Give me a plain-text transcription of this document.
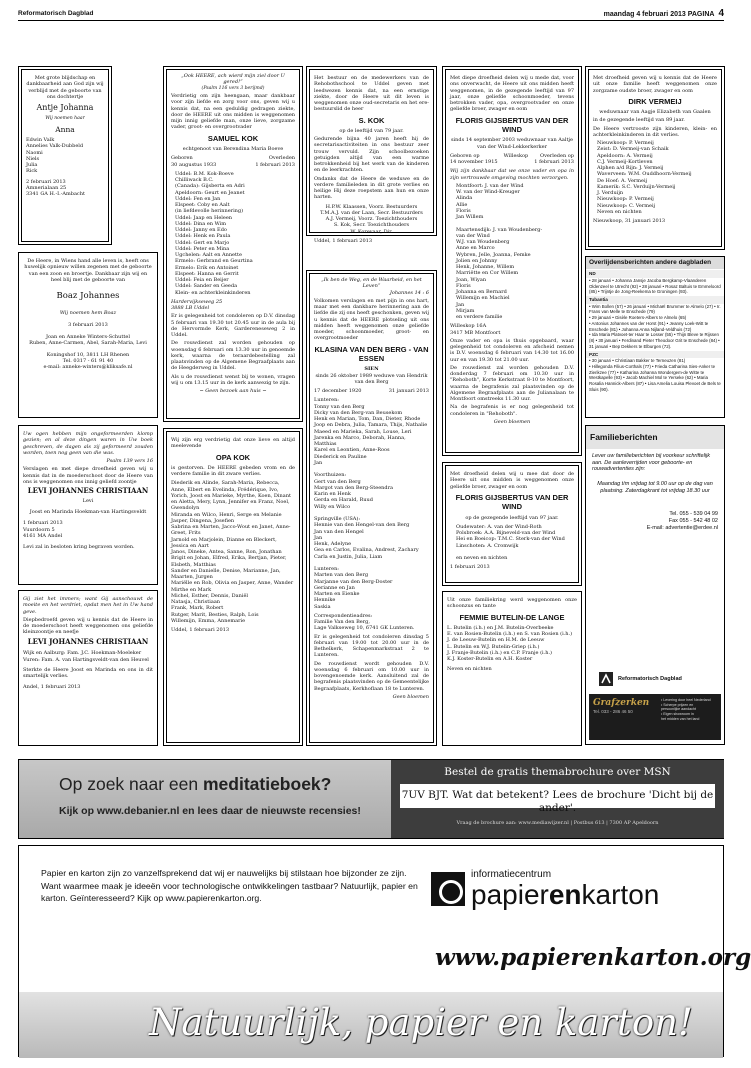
Reformatorisch Dagblad	maandag 4 februari 2013 PAGINA 4
Met grote blijdschap en dankbaarheid aan God zijn wij verblijd met de geboorte van ons dochtertje
Antje Johanna
Wij noemen haar
Anna
Edwin Valk
Annelies Valk-Dubbeld
Naomi
Niels
Julia
Rick
2 februari 2013
Amnerialaan 25
3341 GA H.-I.-Ambacht
De Heere, in Wiens hand alle leven is, heeft ons huwelijk opnieuw willen zegenen met de geboorte van een zoon en broertje. Dankbaar zijn wij en heel blij met de geboorte van
Boaz Johannes
Wij noemen hem Boaz
3 februari 2013
Joan en Anneke Winters-Schuttel
Ruben, Anne-Carmen, Abel, Sarah-Maria, Levi
Koningshof 10, 3811 LH Rhenen
Tel. 0317 - 61 91 40
e-mail: anneke-winters@kliksafe.nl
Uw ogen hebben mijn ongeformeerden klomp gezien; en al deze dingen waren in Uw boek geschreven, de dagen als zij geformeerd zouden worden, toen nog geen van die was.
Psalm 139 vers 16
Verslagen en met diepe droefheid geven wij u kennis dat in de moederschoot door de Heere van ons is weggenomen ons innig geliefd zoontje
LEVI JOHANNES CHRISTIAAN
Levi
Joost en Marinda Hoekman-van Hartingsveldt
1 februari 2013
Vuurdoorn 5
4161 MA Andel
Levi zal in besloten kring begraven worden.
Gij ziet het immers; want Gij aanschouwt de moeite en het verdriet, opdat men het in Uw hand geve.
Diepbedroefd geven wij u kennis dat de Heere in de moederschoot heeft weggenomen ons geliefde kleinzoontje en neefje
LEVI JOHANNES CHRISTIAAN
Wijk en Aalburg: Fam. J.C. Hoekman-Moeleker
Vuren: Fam. A. van Hartingsveldt-van den Heuvel
Sterkte de Heere Joost en Marinda en ons in dit smartelijk verlies.
Andel, 1 februari 2013
„Ook HEERE, ach wierd mijn ziel door U gered!”
(Psalm 116 vers 3 berijmd)
Verdrietig om zijn heengaan, maar dankbaar voor zijn liefde en zorg voor ons, geven wij u kennis dat, na een geduldig gedragen ziekte, door de HEERE uit ons midden is weggenomen mijn innig geliefde man, onze lieve, zorgzame vader, groot- en overgrootvader
SAMUEL KOK
echtgenoot van Berendina Maria Boeve
Geboren
30 augustus 1933
Overleden
1 februari 2013
Uddel: B.M. Kok-Boeve
Chilliwack B.C.
(Canada): Gijsberta en Adri
Apeldoorn: Geurt en Jeanet
Uddel: Fen en Jan
Elspeet: Coby en Aalt
(in liefdevolle herinnering)
Uddel: Jaap en Heleen
Uddel: Dina en Wim
Uddel: Janny en Edo
Uddel: Henk en Paula
Uddel: Gert en Marjo
Uddel: Peter en Mina
Ugchelen: Aalt en Annette
Ermelo: Gerbrand en Geurtina
Ermelo: Erik en Antoinet
Elspeet: Hanna en Gerrit
Uddel: Feia en Beijer
Uddel: Sander en Geeda
Klein- en achterkleinkinderen
Hardervijkseweg 25
3888 LB Uddel
Er is gelegenheid tot condoleren op D.V. dinsdag 5 februari van 19.30 tot 20.45 uur in de aula bij de Hervormde Kerk, Gardereneseweg 2 in Uddel.
De rouwdienst zal worden gehouden op woensdag 6 februari om 13.30 uur in genoemde kerk, waarna de teraardebestelling zal plaatsvinden op de Algemene Begraafplaats aan de Heegderweg in Uddel.
Als u de rouwdienst wenst bij te wonen, vragen wij u om 13.15 uur in de kerk aanwezig te zijn.
~ Geen bezoek aan huis ~
Wij zijn erg verdrietig dat onze lieve en altijd meelevende
OPA KOK
is gestorven. De HEERE gebeden vrom en de verdere familie in dit zware verlies.
Diederik en Alinde, Sarah-Maria, Rebecca, Anne, Elbert en Evelinda, Frédérique, Ivo, Yorich, Joost en Marieke, Myrthe, Koen, Dinant en Aletta, Mery, Lynn, Jennifer en Franz, Noel, Gwendolyn
Miranda en Wilco, Henri, Serge en Melanie
Jasper, Dingena, Josefien
Sabrina en Marten, Jacco-Wout en Janet, Anne-Greet, Frits
Jarnold en Marjolein, Dianne en Bleckert, Jessica en Aart
Janos, Dineke, Antea, Sanne, Ron, Jonathan
Brigit en Johan, Elfred, Erika, Bertjan, Pieter, Elsbeth, Matthias
Sander en Danielle, Denise, Marianne, Jan, Maarten, Jurgen
Mariëlle en Rob, Olivia en Jasper, Anne, Wander
Mirthe en Mark
Michel, Esther, Dennis, Daniël
Natasja, Christiaan
Frank, Mark, Robert
Rutger, Marit, Besties, Ralph, Lois
Willemijn, Emma, Annemarie
Uddel, 1 februari 2013
Het bestuur en de medewerkers van de Rehobothschool te Uddel geven met leedwezen kennis dat, na een ernstige ziekte, door de Heere uit dit leven is weggenomen onze oud-secretaris en het ere-bestuurslid de heer
S. KOK
op de leeftijd van 79 jaar.
Gedurende bijna 40 jaren heeft hij de secretarisactiviteiten in ons bestuur zeer trouw vervuld. Zijn schoolbezoeken getuigden altijd van een warme betrokkenheid bij het werk van de kinderen en de leerkrachten.
Ondanks dat de Heere de weduwe en de verdere familieleden in dit grote verlies en heilige Hij deze roepstem aan hun en onze harten.
H.P.W. Klaassen, Voorz. Bestuurders
T.M.A.J. van der Laan, Secr. Bestuurders
A.J. Vermeij, Voorz. Toezichthouders
S. Kok, Secr. Toezichthouders
W. Korevaar, Dir.
Uddel, 1 februari 2013
„Ik ben de Weg, en de Waarheid, en het Leven”
Johannes 14 : 6
Volkomen verslagen en met pijn in ons hart, maar met een dankbare herinnering aan de liefde die zij ons heeft geschonken, geven wij u kennis dat de HEERE plotseling uit ons midden heeft weggenomen onze geliefde moeder, schoonmoeder, groot- en overgrootmoeder
KLASINA VAN DEN BERG - VAN ESSEN
SIEN
sinds 26 oktober 1989 weduwe van Hendrik van den Berg
17 december 1920	31 januari 2013
Lunteren:
Tonny van den Berg
Dicky van den Berg-van Beusekom
Henk en Marian, Tom, Dan, Dieter, Rhode
Joop en Debra, Julia, Tamara, Thijs, Nathalie
Maeed en Marieka, Sarah, Louse, Leri
Jarenka en Marco, Deborah, Hanna, Matthias
Karel en Leontien, Anne-Roos
Diederick en Pauline
Jan

Voorthuizen:
Gert van den Berg
Margot van den Berg-Steendra
Karin en Henk
Gerda en Harald, Ruud
Willy en Wilco

Springville (USA):
Hennie van den Hengel-van den Berg
Jan van den Hengel
Jan
Henk, Adelyne
Gea en Carlos, Evalina, Andrest, Zachary
Carla en Justin, Julia, Liam

Lunteren:
Marten van den Berg
Marjanne van den Berg-Doster
Gerianne en Jan
Marten en Eienke
Hennike
Saskia
Correspondentieadres:
Familie Van den Berg,
Lage Valkseweg 10, 6741 GK Lunteren.
Er is gelegenheid tot condoleren dinsdag 5 februari van 19.00 tot 20.00 uur in de Bethelkerk, Schapenmarkstraat 2 te Lunteren.
De rouwdienst wordt gehouden D.V. woensdag 6 februari om 10.00 uur in bovengenoemde kerk. Aansluitend zal de begrafenis plaatsvinden op de Gemeentelijke Begraafplaats, Kerkhoflaan 18 te Lunteren.
Geen bloemen
Met diepe droefheid delen wij u mede dat, voor ons onverwacht, de Heere uit ons midden heeft weggenomen, in de gezegende leeftijd van 97 jaar, onze geliefde schoonmoeder, tevens betrokken vader, opa, overgrootvader en onze geliefde broer, zwager en oom
FLORIS GIJSBERTUS VAN DER WIND
sinds 14 september 2003 weduwnaar van Aaltje van der Wind-Lekkerkerker
Geboren op
14 november 1915
Willeskop	Overleden op
1 februari 2013
Wij zijn dankbaar dat we onze vader en opa in zijn vertrouwde omgeving mochten verzorgen.
Montfoort: J. van der Wind
W. van der Wind-Kreuger
Alinda
Allie
Floris
Jan Willem

Maartensdijk: J. van Woudenberg-
van der Wind
W.J. van Woudenberg
Anne en Marco
Wybren, Jelle, Joanna, Femke
Jolien en Johnny
Henk, Johanne, Willem
Marriëtte en Cor Willem
Joan, Wiyan
Floris
Johanna en Bernard
Willemijn en Machiel
Jan
Mirjam
en verdere familie
Willeskop 16A
3417 MB Montfoort
Onze vader en opa is thuis opgebaard, waar gelegenheid tot condoleren en afscheid nemen is D.V. woensdag 6 februari van 14.30 tot 16.00 uur en van 19.30 tot 21.00 uur.
De rouwdienst zal worden gehouden D.V. donderdag 7 februari om 10.30 uur in "Rehoboth", Korte Kerkstraat 8-10 te Montfoort, waarna de begrafenis zal plaatsvinden op de Algemene Begraafplaats aan de Julianalaan te Montfoort omstreeks 11.30 uur.
Na de begrafenis is er nog gelegenheid tot condoleren in "Rehoboth".
Geen bloemen
Met droefheid delen wij u mee dat door de Heere uit ons midden is weggenomen onze geliefde broer, zwager en oom
FLORIS GIJSBERTUS VAN DER WIND
op de gezegende leeftijd van 97 jaar.
Oudewater: A. van der Wind-Roth
Polsbroek: A.A. Bijneveld-van der Wind
Hei en Boeicop: T.M.C. Sterk-van der Wind
Linschoten: A. Cromwijk

en neven en nichten
1 februari 2013
Uit onze familiekring werd weggenomen onze schoonzus en tante
FEMMIE BUTELIN-DE LANGE
L. Butelin (i.h.) en J.M. Butelin-Overbeeke
E. van Rosien-Butelin (i.h.) en S. van Rosien (i.h.)
J. de Leeuw-Butelin en H.M. de Leeuw
L. Butelin en W.J. Butelin-Griep (i.h.)
J. Franje-Butelin (i.h.) en C.P. Franje (i.h.)
K.J. Koster-Butelin en A.H. Koster
Neven en nichten
Met droefheid geven wij u kennis dat de Heere uit onze familie heeft weggenomen onze zorgzame oudste broer, zwager en oom
DIRK VERMEIJ
weduwnaar van Aagje Elizabeth van Gaalen
in de gezegende leeftijd van 89 jaar.
De Heere vertrooste zijn kinderen, klein- en achterkleinkinderen in dit verlies.
Nieuwkoop: P. Vermeij
Zeist: D. Vermeij-van Schaik
Apeldoorn: A. Vermeij
C.J. Vermeij-Kortleven
Alphen a/d Rijn: J. Vermeij
Waverveen: W.M. Ouddhoorn-Vermeij
De Hoef: A. Vermeij
Kamerik: S.C. Verduijn-Vermeij
J. Verduijn
Nieuwkoop: P. Vermeij
Nieuwkoop: C. Vermeij
Neven en nichten
Nieuwkoop, 31 januari 2013
Overlijdensberichten andere dagbladen
ND
• 28 januari • Johanna Jansje Jacoba Bergkamp-Vlaanderen Oldenzeel te Utrecht (92) • 28 januari • Rosaz Baltuis te Emmeloord (85) • Trijntje de Jong-Reekema te Groningen (93).
Tubantia
• Wim Bollen (57) • 26 januari • Michaël Brummer te Almelo (27) • Ir. Frans van Melle te Enschede (79)
• 29 januari • Gisèle Roeters-Albers te Almelo (65)
• Antonius Johannes van der Horst (91) • Jeanny Loek-Witt te Enschede (81) • Johanna Anna Nijland-Veldhuis (72)
• Ida Maria Platvoet-ter Haar te Losser (55) • Thijn Bleve te Rijssen (8) • 30 januari • Ferdinand Pieter Theodoor Grit te Enschede (84) • 31 januari • Bep Dekkers te Elburgen (72).
PZC
• 30 januari • Christiaan Bakker te Terneuzen (81)
• Hillegonda Filius-Corthals (77) • Frieda Catharina Sies-Anker te Zierikzee (77) • Katharina Johanna Wondergem-de Witte te Westkapelle (93) • Jacob Machiel Mol te Yerseke (62) • Maria Rosalia Hannick-Albers (87) • Lisa Amelia Louisa Plevoet de Bels te Sluis (90).
Familieberichten
Lever uw familieberichten bij voorkeur schriftelijk aan. De aanleverrijden voor geboorte- en rouwadvertenties zijn:
Maandag t/m vrijdag tot 9.00 uur op de dag van plaatsing. Zaterdagkrant tot vrijdag 18.30 uur
Tel. 055 - 539 04 99
Fax 055 - 542 48 02
E-mail: advertentie@erdee.nl
Reformatorisch Dagblad
Grafzerken
Tel. 033 - 286 46 50
• Levering door heel Nederland
• Scherpe prijzen en
persoonlijke aandacht
• Eigen showroom in
het midden van het land
Op zoek naar een meditatieboek?
Kijk op www.debanier.nl en lees daar de nieuwste recensies!
Bestel de gratis themabrochure over MSN
7UV BJT. Wat dat betekent? Lees de brochure 'Dicht bij de ander'.
Vraag de brochure aan: www.mediawijzer.nl | Postbus 613 | 7300 AP Apeldoorn
Papier en karton zijn zo vanzelfsprekend dat wij er nauwelijks bij stilstaan hoe bijzonder ze zijn. Want waarmee maak je ideeën voor technologische ontwikkelingen tastbaar? Natuurlijk, papier en karton. Geïnteresseerd? Kijk op www.papierenkarton.org.
informatiecentrum
papierenkarton
www.papierenkarton.org
Natuurlijk, papier en karton!
